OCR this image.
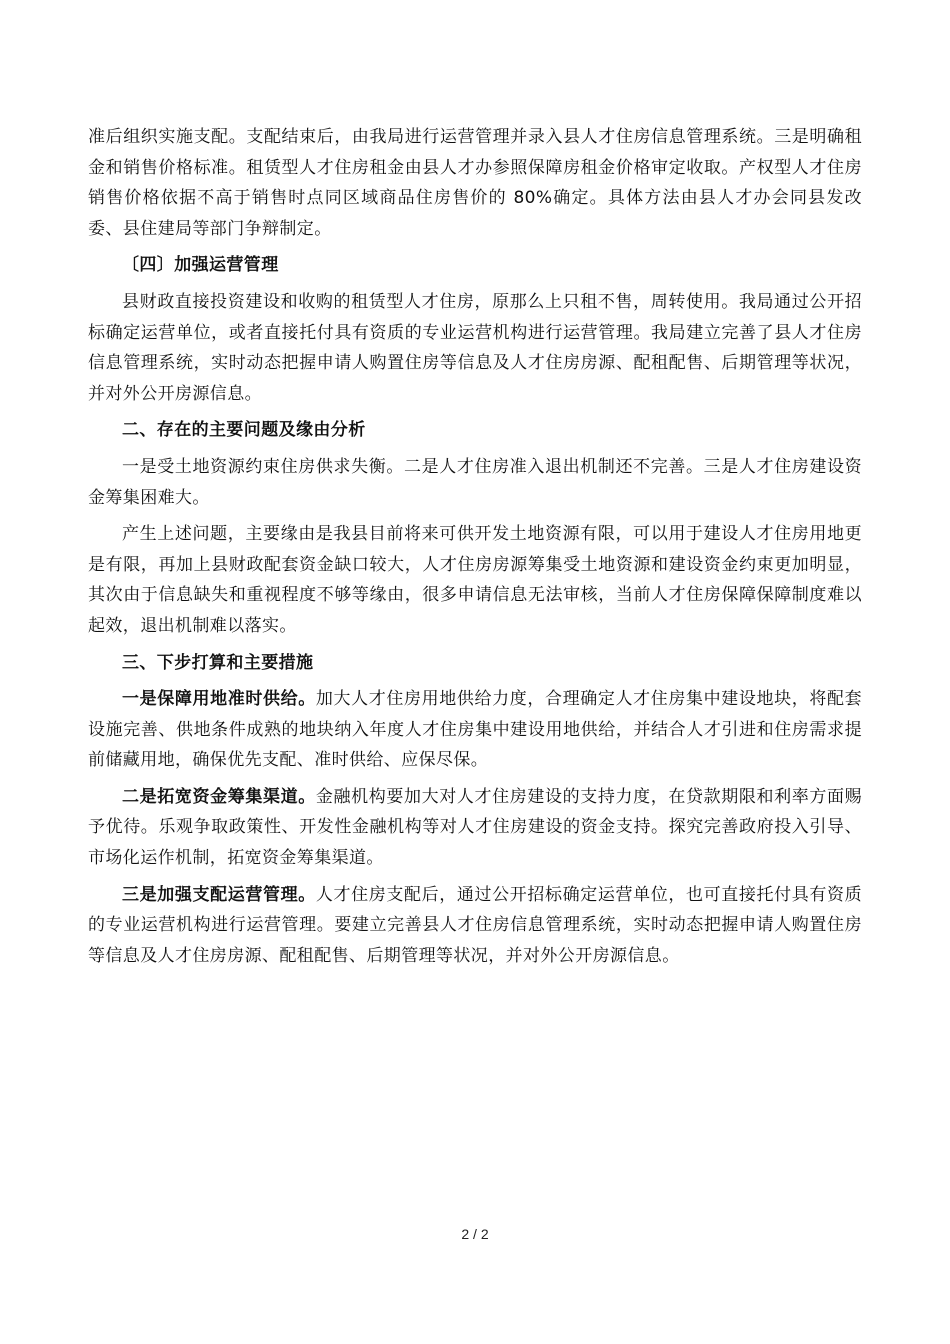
准后组织实施支配。支配结束后，由我局进行运营管理并录入县人才住房信息管理系统。三是明确租金和销售价格标准。租赁型人才住房租金由县人才办参照保障房租金价格审定收取。产权型人才住房销售价格依据不高于销售时点同区域商品住房售价的 80%确定。具体方法由县人才办会同县发改委、县住建局等部门争辩制定。

〔四〕加强运营管理

县财政直接投资建设和收购的租赁型人才住房，原那么上只租不售，周转使用。我局通过公开招标确定运营单位，或者直接托付具有资质的专业运营机构进行运营管理。我局建立完善了县人才住房信息管理系统，实时动态把握申请人购置住房等信息及人才住房房源、配租配售、后期管理等状况，并对外公开房源信息。

二、存在的主要问题及缘由分析

一是受土地资源约束住房供求失衡。二是人才住房准入退出机制还不完善。三是人才住房建设资金筹集困难大。

产生上述问题，主要缘由是我县目前将来可供开发土地资源有限，可以用于建设人才住房用地更是有限，再加上县财政配套资金缺口较大，人才住房房源筹集受土地资源和建设资金约束更加明显，其次由于信息缺失和重视程度不够等缘由，很多申请信息无法审核，当前人才住房保障保障制度难以起效，退出机制难以落实。

三、下步打算和主要措施

一是保障用地准时供给。加大人才住房用地供给力度，合理确定人才住房集中建设地块，将配套设施完善、供地条件成熟的地块纳入年度人才住房集中建设用地供给，并结合人才引进和住房需求提前储藏用地，确保优先支配、准时供给、应保尽保。

二是拓宽资金筹集渠道。金融机构要加大对人才住房建设的支持力度，在贷款期限和利率方面赐予优待。乐观争取政策性、开发性金融机构等对人才住房建设的资金支持。探究完善政府投入引导、市场化运作机制，拓宽资金筹集渠道。

三是加强支配运营管理。人才住房支配后，通过公开招标确定运营单位，也可直接托付具有资质的专业运营机构进行运营管理。要建立完善县人才住房信息管理系统，实时动态把握申请人购置住房等信息及人才住房房源、配租配售、后期管理等状况，并对外公开房源信息。

2 / 2
